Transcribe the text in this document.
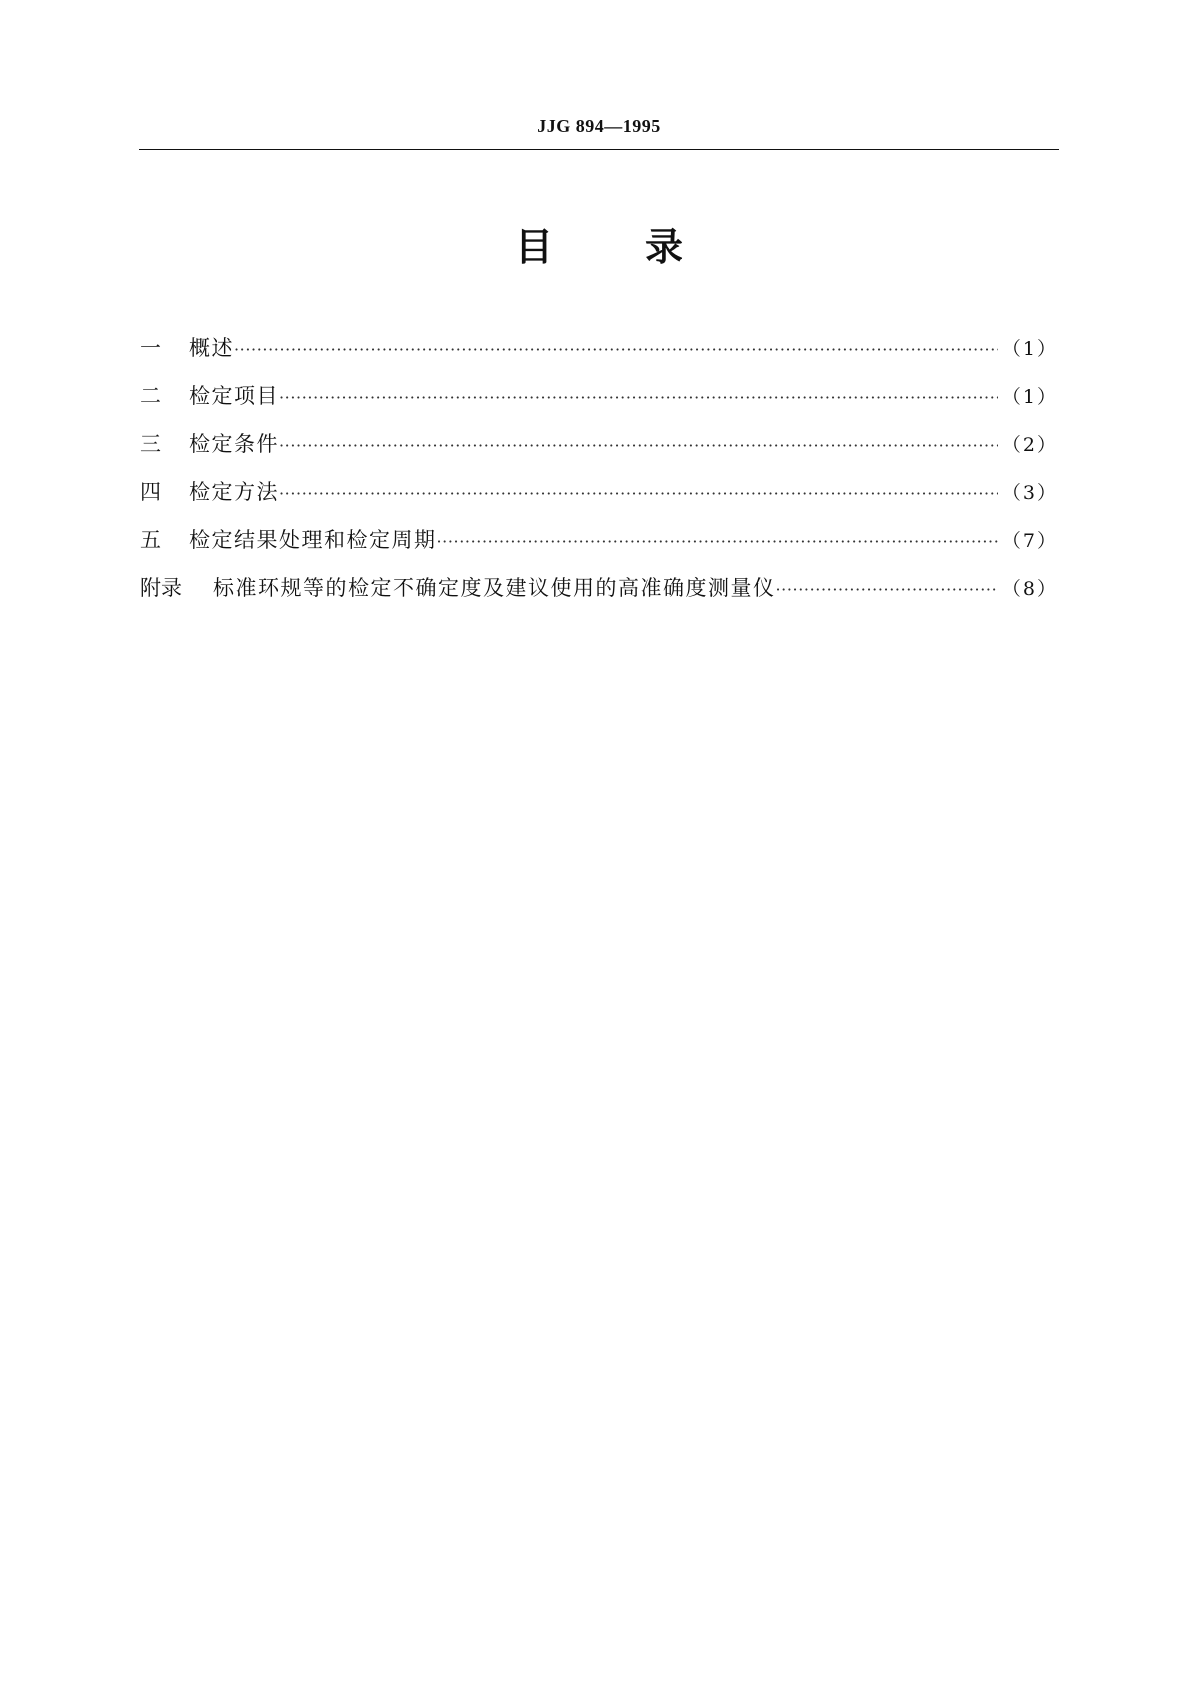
JJG 894—1995
目 录
一	概述 ·····	（1）
二	检定项目 ·····	（1）
三	检定条件 ·····	（2）
四	检定方法 ·····	（3）
五	检定结果处理和检定周期 ·····	（7）
附录	标准环规等的检定不确定度及建议使用的高准确度测量仪 ·····	（8）
